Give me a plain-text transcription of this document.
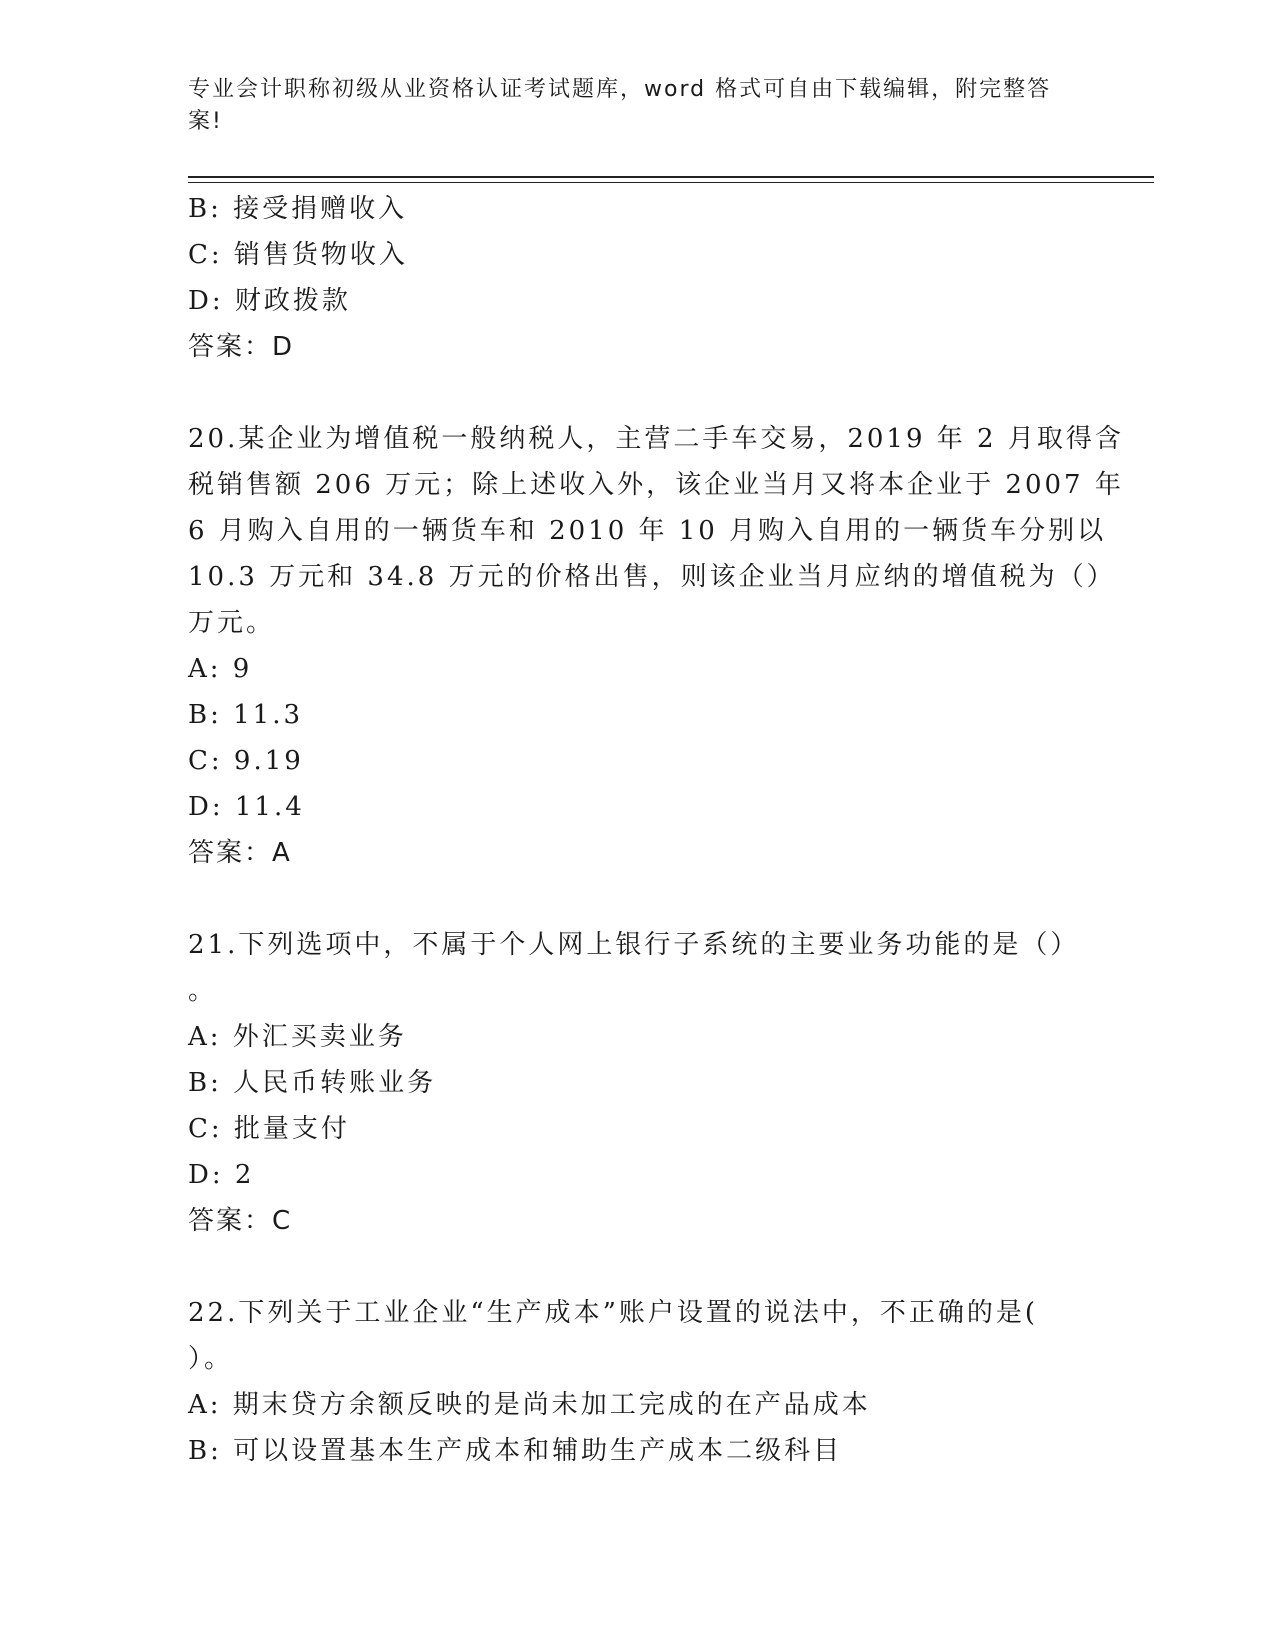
专业会计职称初级从业资格认证考试题库，word 格式可自由下载编辑，附完整答案!
B: 接受捐赠收入
C: 销售货物收入
D: 财政拨款
答案：D
20.某企业为增值税一般纳税人，主营二手车交易，2019 年 2 月取得含
税销售额 206 万元；除上述收入外，该企业当月又将本企业于 2007 年
6 月购入自用的一辆货车和 2010 年 10 月购入自用的一辆货车分别以
10.3 万元和 34.8 万元的价格出售，则该企业当月应纳的增值税为（）
万元。
A: 9
B: 11.3
C: 9.19
D: 11.4
答案：A
21.下列选项中，不属于个人网上银行子系统的主要业务功能的是（）
。
A: 外汇买卖业务
B: 人民币转账业务
C: 批量支付
D: 2
答案：C
22.下列关于工业企业“生产成本”账户设置的说法中，不正确的是(
）。
A: 期末贷方余额反映的是尚未加工完成的在产品成本
B: 可以设置基本生产成本和辅助生产成本二级科目
